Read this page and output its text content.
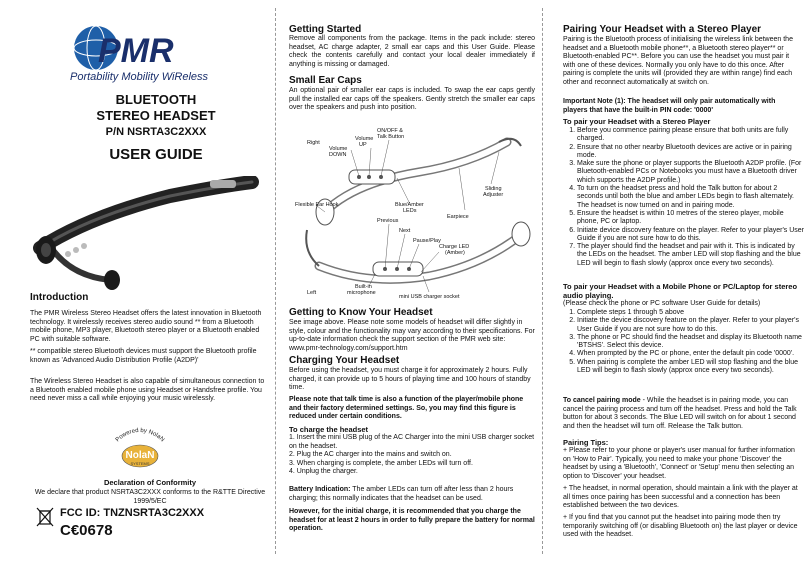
PMR
Portability Mobility WiReless
BLUETOOTH
STEREO HEADSET
P/N NSRTA3C2XXX
USER GUIDE
Introduction
The PMR Wireless Stereo Headset offers the latest innovation in Bluetooth technology. It wirelessly receives stereo audio sound ** from a Bluetooth mobile phone, MP3 player, Bluetooth stereo player or a Bluetooth enabled PC with suitable software.
** compatible stereo Bluetooth devices must support the Bluetooth profile known as 'Advanced Audio Distribution Profile (A2DP)'
The Wireless Stereo Headset is also capable of simultaneous connection to a Bluetooth enabled mobile phone using Headset or Handsfree profile. You need never miss a call while enjoying your music wirelessly.
Powered by NolaN
NolaN
SYSTEMS
Declaration of Conformity
We declare that product NSRTA3C2XXX conforms to the R&TTE Directive 1999/5/EC
FCC ID: TNZNSRTA3C2XXX
C€0678
Getting Started
Remove all components from the package. Items in the pack include: stereo headset, AC charge adapter, 2 small ear caps and this User Guide. Please check the contents carefully and contact your local dealer immediately if anything is missing or damaged.
Small Ear Caps
An optional pair of smaller ear caps is included. To swap the ear caps gently pull the installed ear caps off the speakers. Gently stretch the smaller ear caps over the speakers and push into position.
Right
Volume DOWN
Volume UP
ON/OFF & Talk Button
Flexible Ear Hook	Blue/Amber LEDs
Earpiece
Sliding Adjuster
Previous
Next
Pause/Play
Charge LED (Amber)
Left
Built-in microphone
mini USB charger socket
Getting to Know Your Headset
See image above. Please note some models of headset will differ slightly in style, colour and the functionality may vary according to their specifications. For up-to-date information check the support section of the PMR web site: www.pmr-technology.com/support.htm
Charging Your Headset
Before using the headset, you must charge it for approximately 2 hours. Fully charged, it can provide up to 5 hours of playing time and 100 hours of standby time.
Please note that talk time is also a function of the player/mobile phone and their factory determined settings. So, you may find this figure is reduced under certain conditions.
To charge the headset
1. Insert the mini USB plug of the AC Charger into the mini USB charger socket on the headset.
2. Plug the AC charger into the mains and switch on.
3. When charging is complete, the amber LEDs will turn off.
4. Unplug the charger.
Battery Indication: The amber LEDs can turn off after less than 2 hours charging; this normally indicates that the headset can be used.
However, for the initial charge, it is recommended that you charge the headset for at least 2 hours in order to fully prepare the battery for normal operation.
Pairing Your Headset with a Stereo Player
Pairing is the Bluetooth process of initialising the wireless link between the headset and a Bluetooth mobile phone**, a Bluetooth stereo player** or Bluetooth-enabled PC**. Before you can use the headset you must pair it with one of these devices. Normally you only have to do this once. After pairing is complete the units will (provided they are within range) find each other and reconnect automatically at switch on.
Important Note (1): The headset will only pair automatically with players that have the built-in PIN code: '0000'
To pair your Headset with a Stereo Player
1. Before you commence pairing please ensure that both units are fully charged.
2. Ensure that no other nearby Bluetooth devices are active or in pairing mode.
3. Make sure the phone or player supports the Bluetooth A2DP profile. (For Bluetooth-enabled PCs or Notebooks you must have a Bluetooth driver which supports the A2DP profile.)
4. To turn on the headset press and hold the Talk button for about 2 seconds until both the blue and amber LEDs begin to flash alternately. The headset is now turned on and in pairing mode.
5. Ensure the headset is within 10 metres of the stereo player, mobile phone, PC or laptop.
6. Initiate device discovery feature on the player. Refer to your player's User Guide if you are not sure how to do this.
7. The player should find the headset and pair with it. This is indicated by the LEDs on the headset. The amber LED will stop flashing and the blue LED will begin to flash slowly (approx once every two seconds).
To pair your Headset with a Mobile Phone or PC/Laptop for stereo audio playing.
(Please check the phone or PC software User Guide for details)
1. Complete steps 1 through 5 above
2. Initiate the device discovery feature on the player. Refer to your player's User Guide if you are not sure how to do this.
3. The phone or PC should find the headset and display its Bluetooth name 'BTSHS'. Select this device.
4. When prompted by the PC or phone, enter the default pin code '0000'.
5. When pairing is complete the amber LED will stop flashing and the blue LED will begin to flash slowly (approx once every two seconds).
To cancel pairing mode - While the headset is in pairing mode, you can cancel the pairing process and turn off the headset. Press and hold the Talk button for about 3 seconds. The Blue LED will switch on for about 1 second and then the headset will turn off. Release the Talk button.
Pairing Tips:
+ Please refer to your phone or player's user manual for further information on 'How to Pair'. Typically, you need to make your phone 'Discover' the headset by using a 'Bluetooth', 'Connect' or 'Setup' menu then selecting an option to 'Discover' your headset.
+ The headset, in normal operation, should maintain a link with the player at all times once pairing has been successful and a connection has been established between the two devices.
+ If you find that you cannot put the headset into pairing mode then try temporarily switching off (or disabling Bluetooth on) the last player or device used with the headset.
